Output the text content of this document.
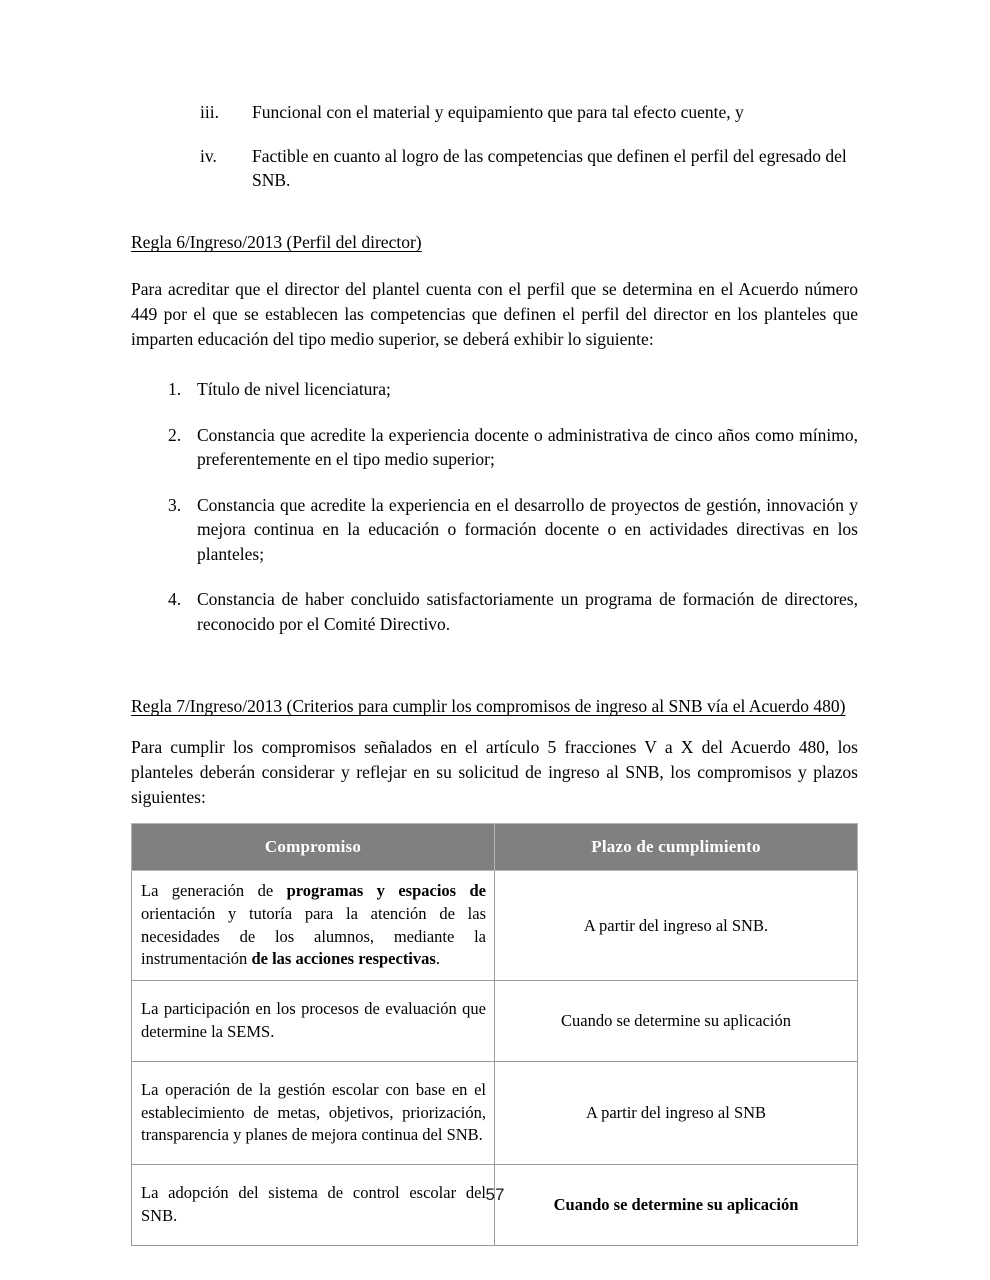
iii.	Funcional con el material y equipamiento que para tal efecto cuente, y
iv.	Factible en cuanto al logro de las competencias que definen el perfil del egresado del SNB.
Regla 6/Ingreso/2013 (Perfil del director)
Para acreditar que el director del plantel cuenta con el perfil que se determina en el Acuerdo número 449 por el que se establecen las competencias que definen el perfil del director en los planteles que imparten educación del tipo medio superior, se deberá exhibir lo siguiente:
1. Título de nivel licenciatura;
2. Constancia que acredite la experiencia docente o administrativa de cinco años como mínimo, preferentemente en el tipo medio superior;
3. Constancia que acredite la experiencia en el desarrollo de proyectos de gestión, innovación y mejora continua en la educación o formación docente o en actividades directivas en los planteles;
4. Constancia de haber concluido satisfactoriamente un programa de formación de directores, reconocido por el Comité Directivo.
Regla 7/Ingreso/2013 (Criterios para cumplir los compromisos de ingreso al SNB vía el Acuerdo 480)
Para cumplir los compromisos señalados en el artículo 5 fracciones V a X del Acuerdo 480, los planteles deberán considerar y reflejar en su solicitud de ingreso al SNB, los compromisos y plazos siguientes:
Compromiso	Plazo de cumplimiento
La generación de programas y espacios de orientación y tutoría para la atención de las necesidades de los alumnos, mediante la instrumentación de las acciones respectivas.	A partir del ingreso al SNB.
La participación en los procesos de evaluación que determine la SEMS.	Cuando se determine su aplicación
La operación de la gestión escolar con base en el establecimiento de metas, objetivos, priorización, transparencia y planes de mejora continua del SNB.	A partir del ingreso al SNB
La adopción del sistema de control escolar del SNB.	Cuando se determine su aplicación
57
